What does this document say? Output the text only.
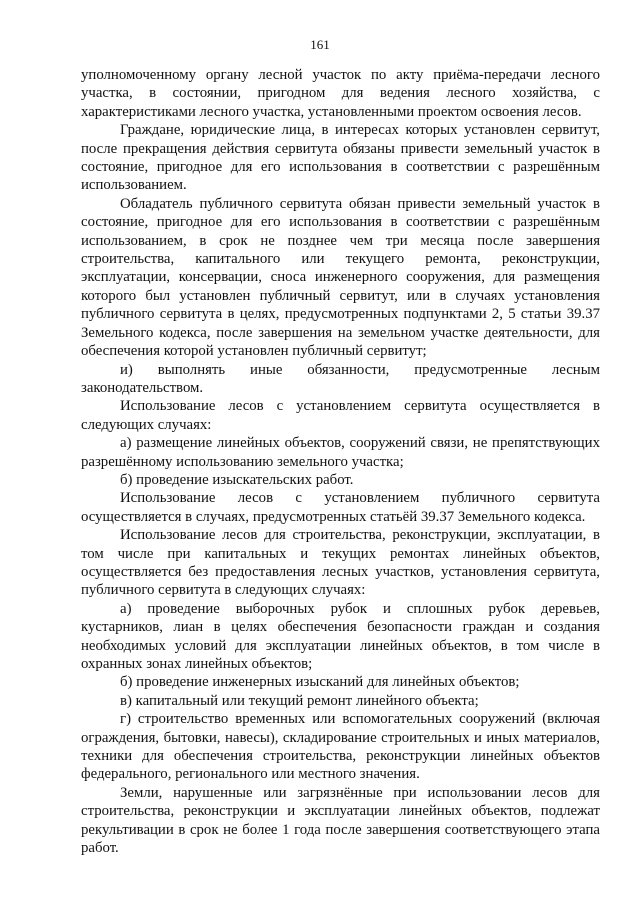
161

уполномоченному органу лесной участок по акту приёма-передачи лесного участка, в состоянии, пригодном для ведения лесного хозяйства, с характеристиками лесного участка, установленными проектом освоения лесов.

Граждане, юридические лица, в интересах которых установлен сервитут, после прекращения действия сервитута обязаны привести земельный участок в состояние, пригодное для его использования в соответствии с разрешённым использованием.

Обладатель публичного сервитута обязан привести земельный участок в состояние, пригодное для его использования в соответствии с разрешённым использованием, в срок не позднее чем три месяца после завершения строительства, капитального или текущего ремонта, реконструкции, эксплуатации, консервации, сноса инженерного сооружения, для размещения которого был установлен публичный сервитут, или в случаях установления публичного сервитута в целях, предусмотренных подпунктами 2, 5 статьи 39.37 Земельного кодекса, после завершения на земельном участке деятельности, для обеспечения которой установлен публичный сервитут;

и) выполнять иные обязанности, предусмотренные лесным законодательством.

Использование лесов с установлением сервитута осуществляется в следующих случаях:

а) размещение линейных объектов, сооружений связи, не препятствующих разрешённому использованию земельного участка;

б) проведение изыскательских работ.

Использование лесов с установлением публичного сервитута осуществляется в случаях, предусмотренных статьёй 39.37 Земельного кодекса.

Использование лесов для строительства, реконструкции, эксплуатации, в том числе при капитальных и текущих ремонтах линейных объектов, осуществляется без предоставления лесных участков, установления сервитута, публичного сервитута в следующих случаях:

а) проведение выборочных рубок и сплошных рубок деревьев, кустарников, лиан в целях обеспечения безопасности граждан и создания необходимых условий для эксплуатации линейных объектов, в том числе в охранных зонах линейных объектов;

б) проведение инженерных изысканий для линейных объектов;

в) капитальный или текущий ремонт линейного объекта;

г) строительство временных или вспомогательных сооружений (включая ограждения, бытовки, навесы), складирование строительных и иных материалов, техники для обеспечения строительства, реконструкции линейных объектов федерального, регионального или местного значения.

Земли, нарушенные или загрязнённые при использовании лесов для строительства, реконструкции и эксплуатации линейных объектов, подлежат рекультивации в срок не более 1 года после завершения соответствующего этапа работ.
